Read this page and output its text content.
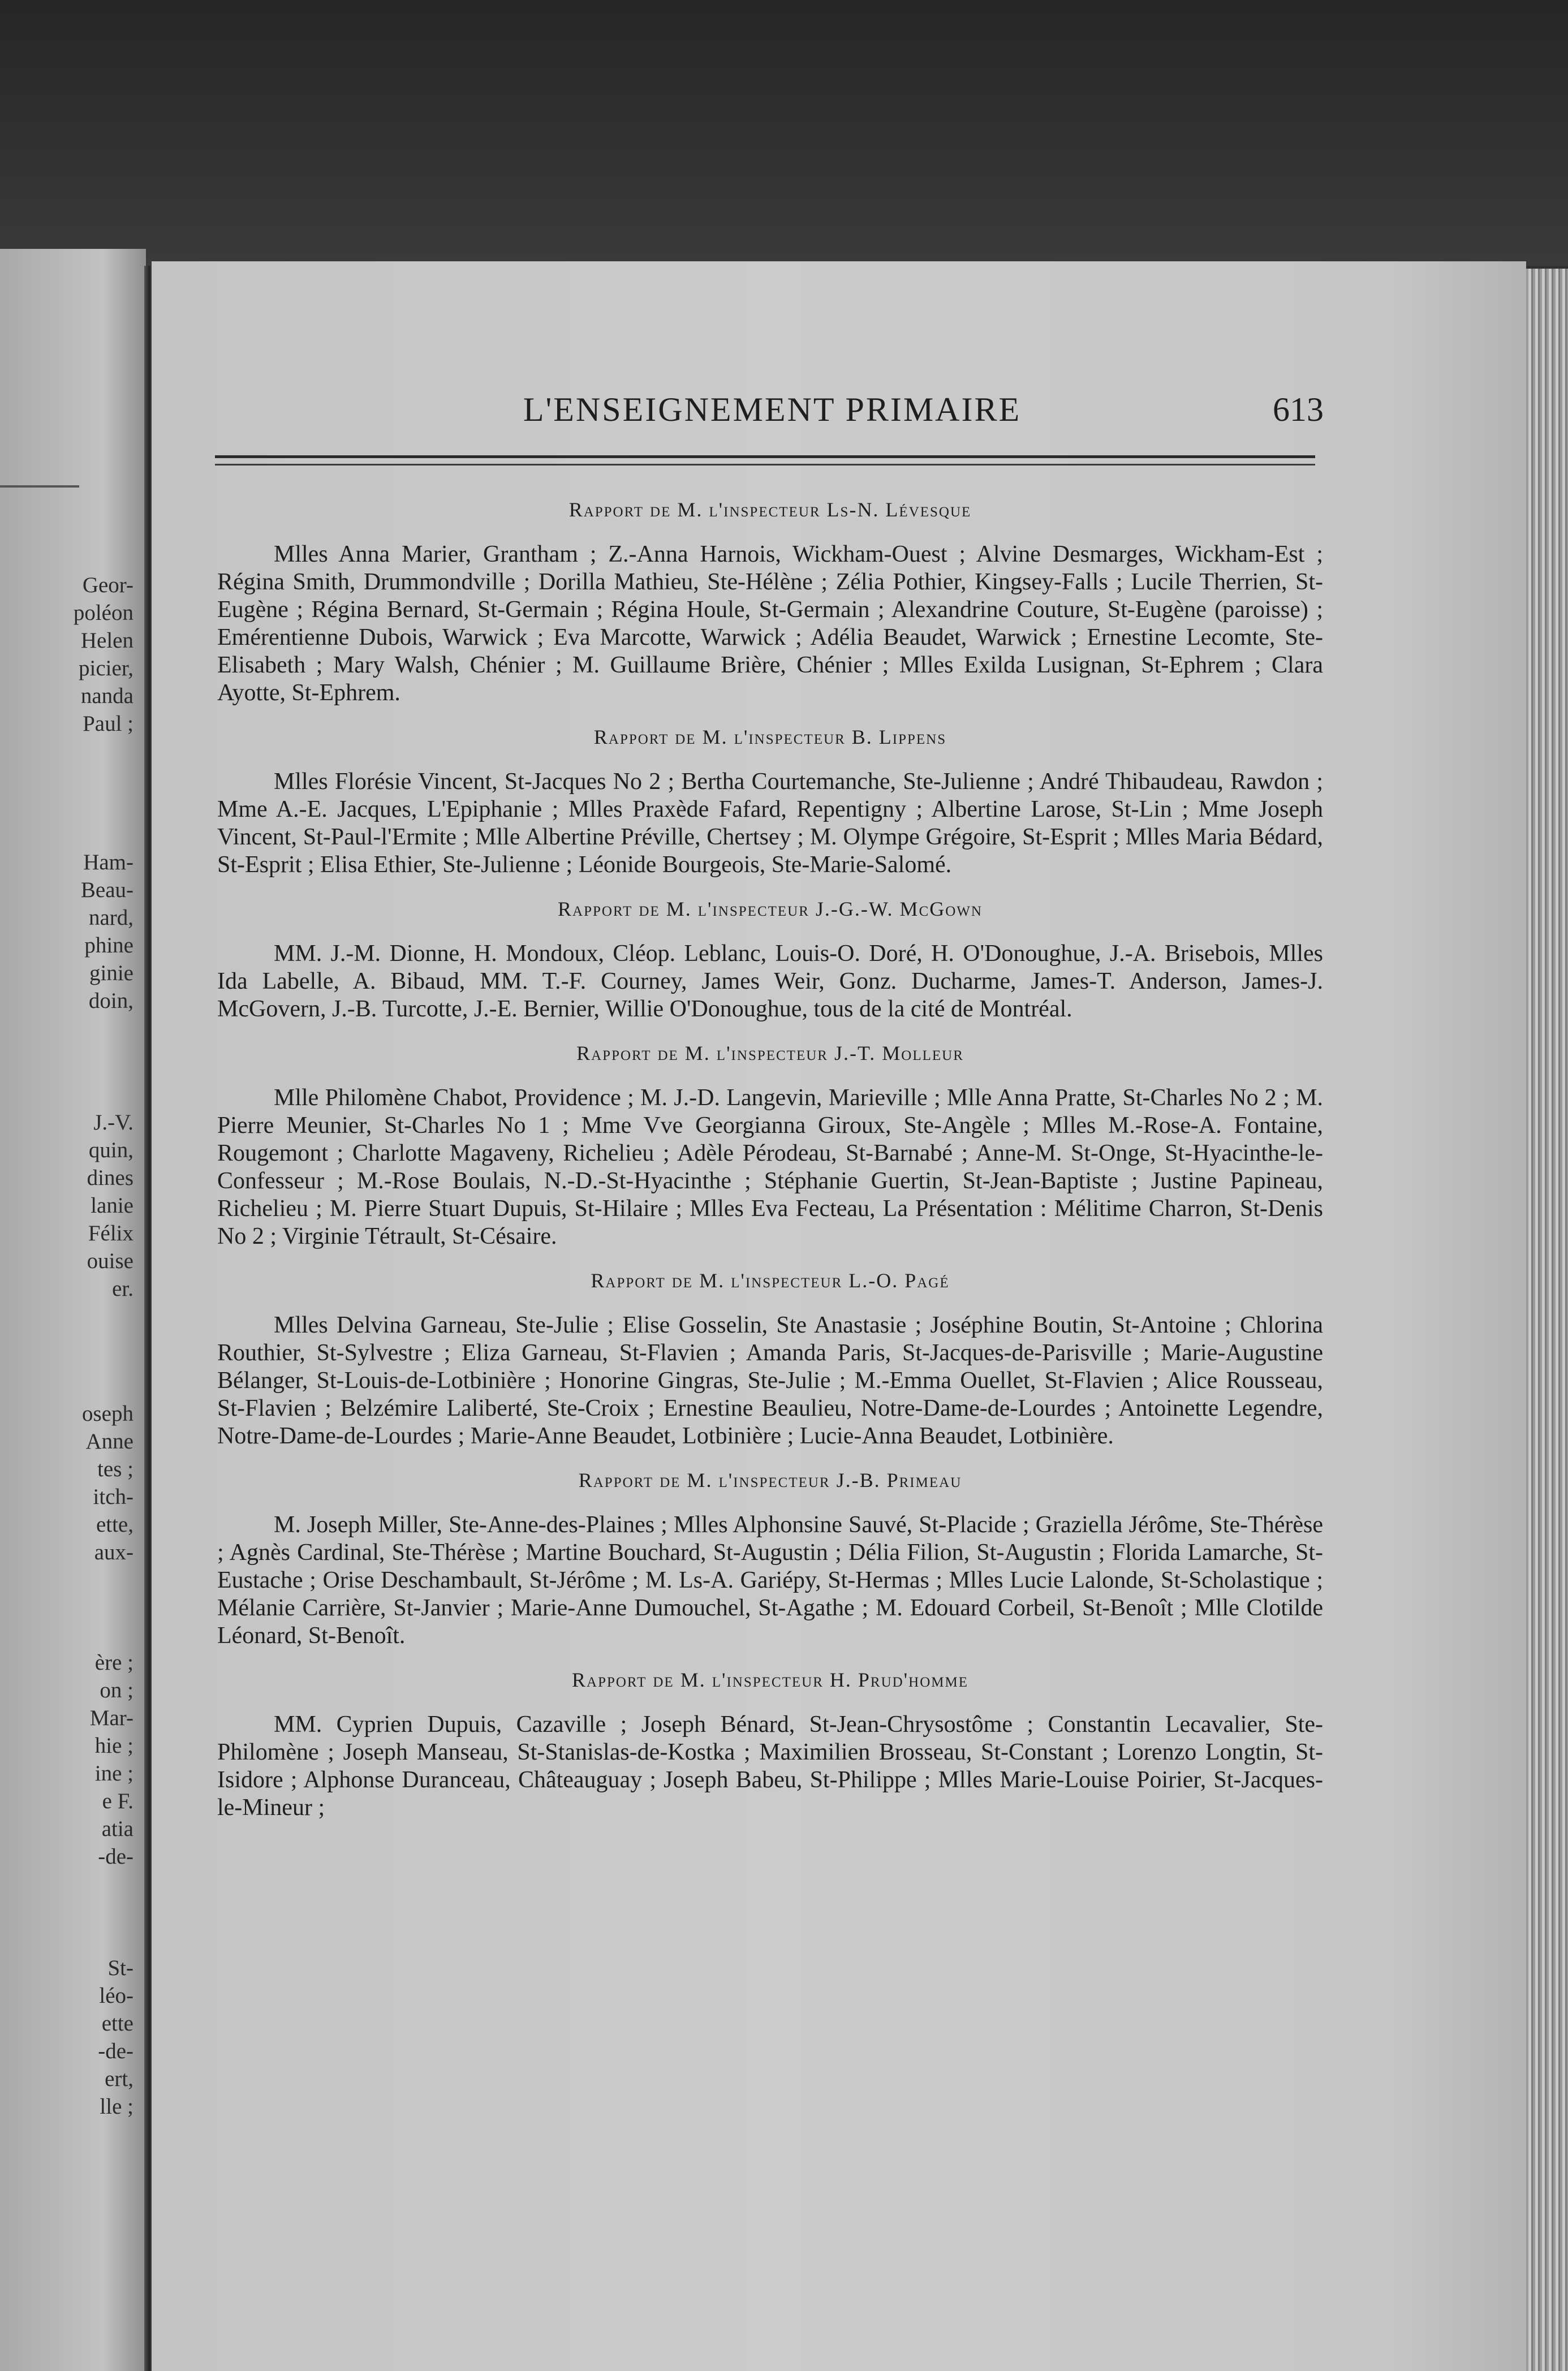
Geor-
poléon
Helen
picier,
nanda
Paul ;
Ham-
Beau-
nard,
phine
ginie
doin,
J.-V.
quin,
dines
lanie
Félix
ouise
er.
oseph
Anne
tes ;
itch-
ette,
aux-
ère ;
on ;
Mar-
hie ;
ine ;
e F.
atia
-de-
St-
léo-
ette
-de-
ert,
lle ;
L'ENSEIGNEMENT PRIMAIRE	613
Rapport de M. l'inspecteur Ls-N. Lévesque

Mlles Anna Marier, Grantham ; Z.-Anna Harnois, Wickham-Ouest ; Alvine Desmarges, Wickham-Est ; Régina Smith, Drummondville ; Dorilla Mathieu, Ste-Hélène ; Zélia Pothier, Kingsey-Falls ; Lucile Therrien, St-Eugène ; Régina Bernard, St-Germain ; Régina Houle, St-Germain ; Alexandrine Couture, St-Eugène (paroisse) ; Emérentienne Dubois, Warwick ; Eva Marcotte, Warwick ; Adélia Beaudet, Warwick ; Ernestine Lecomte, Ste-Elisabeth ; Mary Walsh, Chénier ; M. Guillaume Brière, Chénier ; Mlles Exilda Lusignan, St-Ephrem ; Clara Ayotte, St-Ephrem.

Rapport de M. l'inspecteur B. Lippens

Mlles Florésie Vincent, St-Jacques No 2 ; Bertha Courtemanche, Ste-Julienne ; André Thibaudeau, Rawdon ; Mme A.-E. Jacques, L'Epiphanie ; Mlles Praxède Fafard, Repentigny ; Albertine Larose, St-Lin ; Mme Joseph Vincent, St-Paul-l'Ermite ; Mlle Albertine Préville, Chertsey ; M. Olympe Grégoire, St-Esprit ; Mlles Maria Bédard, St-Esprit ; Elisa Ethier, Ste-Julienne ; Léonide Bourgeois, Ste-Marie-Salomé.

Rapport de M. l'inspecteur J.-G.-W. McGown

MM. J.-M. Dionne, H. Mondoux, Cléop. Leblanc, Louis-O. Doré, H. O'Donoughue, J.-A. Brisebois, Mlles Ida Labelle, A. Bibaud, MM. T.-F. Courney, James Weir, Gonz. Ducharme, James-T. Anderson, James-J. McGovern, J.-B. Turcotte, J.-E. Bernier, Willie O'Donoughue, tous de la cité de Montréal.

Rapport de M. l'inspecteur J.-T. Molleur

Mlle Philomène Chabot, Providence ; M. J.-D. Langevin, Marieville ; Mlle Anna Pratte, St-Charles No 2 ; M. Pierre Meunier, St-Charles No 1 ; Mme Vve Georgianna Giroux, Ste-Angèle ; Mlles M.-Rose-A. Fontaine, Rougemont ; Charlotte Magaveny, Richelieu ; Adèle Pérodeau, St-Barnabé ; Anne-M. St-Onge, St-Hyacinthe-le-Confesseur ; M.-Rose Boulais, N.-D.-St-Hyacinthe ; Stéphanie Guertin, St-Jean-Baptiste ; Justine Papineau, Richelieu ; M. Pierre Stuart Dupuis, St-Hilaire ; Mlles Eva Fecteau, La Présentation : Mélitime Charron, St-Denis No 2 ; Virginie Tétrault, St-Césaire.

Rapport de M. l'inspecteur L.-O. Pagé

Mlles Delvina Garneau, Ste-Julie ; Elise Gosselin, Ste Anastasie ; Joséphine Boutin, St-Antoine ; Chlorina Routhier, St-Sylvestre ; Eliza Garneau, St-Flavien ; Amanda Paris, St-Jacques-de-Parisville ; Marie-Augustine Bélanger, St-Louis-de-Lotbinière ; Honorine Gingras, Ste-Julie ; M.-Emma Ouellet, St-Flavien ; Alice Rousseau, St-Flavien ; Belzémire Laliberté, Ste-Croix ; Ernestine Beaulieu, Notre-Dame-de-Lourdes ; Antoinette Legendre, Notre-Dame-de-Lourdes ; Marie-Anne Beaudet, Lotbinière ; Lucie-Anna Beaudet, Lotbinière.

Rapport de M. l'inspecteur J.-B. Primeau

M. Joseph Miller, Ste-Anne-des-Plaines ; Mlles Alphonsine Sauvé, St-Placide ; Graziella Jérôme, Ste-Thérèse ; Agnès Cardinal, Ste-Thérèse ; Martine Bouchard, St-Augustin ; Délia Filion, St-Augustin ; Florida Lamarche, St-Eustache ; Orise Deschambault, St-Jérôme ; M. Ls-A. Gariépy, St-Hermas ; Mlles Lucie Lalonde, St-Scholastique ; Mélanie Carrière, St-Janvier ; Marie-Anne Dumouchel, St-Agathe ; M. Edouard Corbeil, St-Benoît ; Mlle Clotilde Léonard, St-Benoît.

Rapport de M. l'inspecteur H. Prud'homme

MM. Cyprien Dupuis, Cazaville ; Joseph Bénard, St-Jean-Chrysostôme ; Constantin Lecavalier, Ste-Philomène ; Joseph Manseau, St-Stanislas-de-Kostka ; Maximilien Brosseau, St-Constant ; Lorenzo Longtin, St-Isidore ; Alphonse Duranceau, Châteauguay ; Joseph Babeu, St-Philippe ; Mlles Marie-Louise Poirier, St-Jacques-le-Mineur ;
